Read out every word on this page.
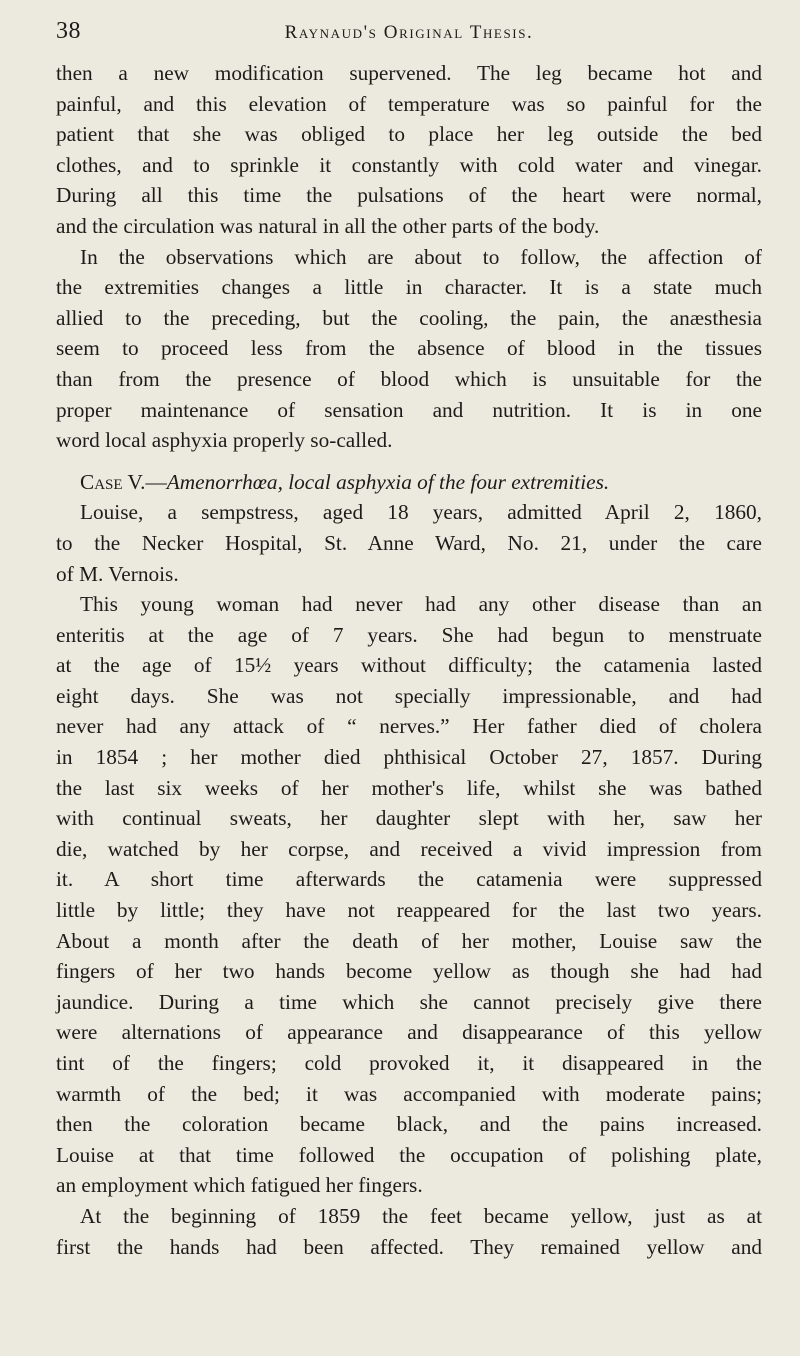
38	Raynaud's Original Thesis.
then a new modification supervened. The leg became hot and
painful, and this elevation of temperature was so painful for the
patient that she was obliged to place her leg outside the bed
clothes, and to sprinkle it constantly with cold water and vinegar.
During all this time the pulsations of the heart were normal,
and the circulation was natural in all the other parts of the body.
In the observations which are about to follow, the affection of
the extremities changes a little in character. It is a state much
allied to the preceding, but the cooling, the pain, the anæsthesia
seem to proceed less from the absence of blood in the tissues
than from the presence of blood which is unsuitable for the
proper maintenance of sensation and nutrition. It is in one
word local asphyxia properly so-called.
Case V.—Amenorrhœa, local asphyxia of the four extremities.
Louise, a sempstress, aged 18 years, admitted April 2, 1860,
to the Necker Hospital, St. Anne Ward, No. 21, under the care
of M. Vernois.
This young woman had never had any other disease than an
enteritis at the age of 7 years. She had begun to menstruate
at the age of 15½ years without difficulty; the catamenia lasted
eight days. She was not specially impressionable, and had
never had any attack of “ nerves.” Her father died of cholera
in 1854 ; her mother died phthisical October 27, 1857. During
the last six weeks of her mother's life, whilst she was bathed
with continual sweats, her daughter slept with her, saw her
die, watched by her corpse, and received a vivid impression from
it. A short time afterwards the catamenia were suppressed
little by little; they have not reappeared for the last two years.
About a month after the death of her mother, Louise saw the
fingers of her two hands become yellow as though she had had
jaundice. During a time which she cannot precisely give there
were alternations of appearance and disappearance of this yellow
tint of the fingers; cold provoked it, it disappeared in the
warmth of the bed; it was accompanied with moderate pains;
then the coloration became black, and the pains increased.
Louise at that time followed the occupation of polishing plate,
an employment which fatigued her fingers.
At the beginning of 1859 the feet became yellow, just as at
first the hands had been affected. They remained yellow and
